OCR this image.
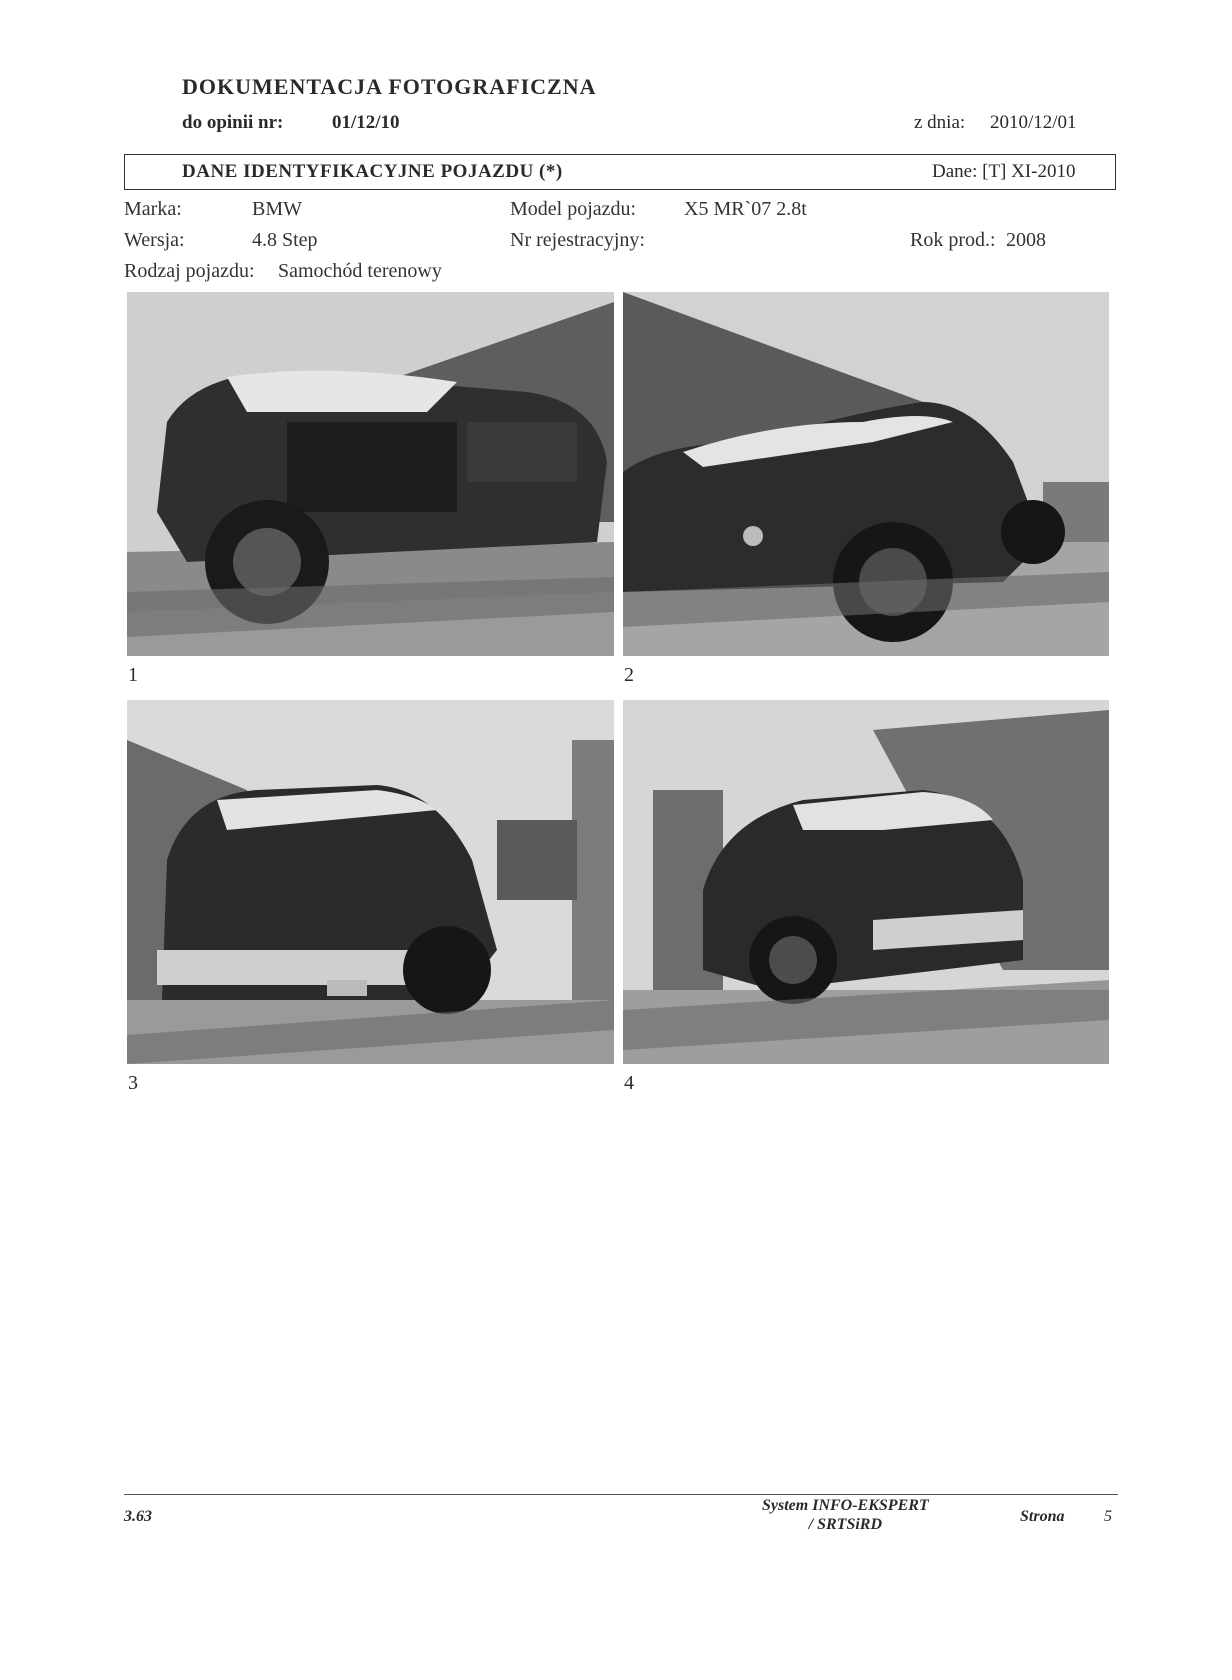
DOKUMENTACJA FOTOGRAFICZNA
do opinii nr:	01/12/10	z dnia: 2010/12/01
DANE IDENTYFIKACYJNE POJAZDU (*)	Dane: [T] XI-2010
Marka:	BMW	Model pojazdu: X5 MR`07 2.8t
Wersja:	4.8 Step	Nr rejestracyjny:	Rok prod.: 2008
Rodzaj pojazdu: Samochód terenowy
1	2
3	4
3.63
System INFO-EKSPERT
/ SRTSiRD	Strona 5
